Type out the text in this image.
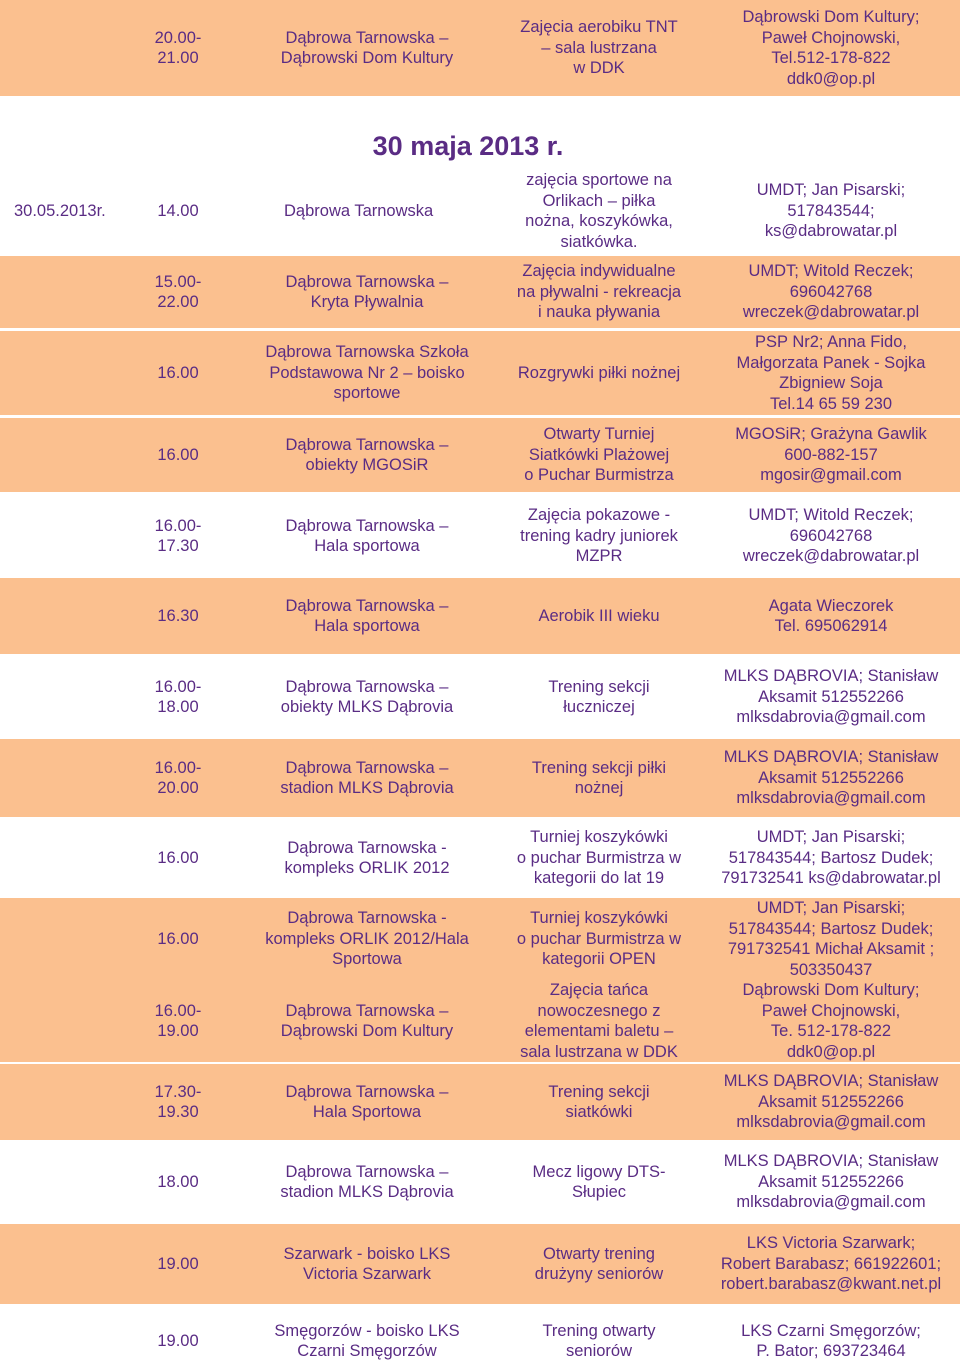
20.00-
21.00
Dąbrowa Tarnowska –
Dąbrowski Dom Kultury
Zajęcia aerobiku TNT
– sala lustrzana
w DDK
Dąbrowski Dom Kultury;
Paweł Chojnowski,
Tel.512-178-822
ddk0@op.pl
30 maja 2013 r.
30.05.2013r.	14.00	Dąbrowa Tarnowska
zajęcia sportowe na
Orlikach – piłka
nożna, koszykówka,
siatkówka.
UMDT; Jan Pisarski;
517843544;
ks@dabrowatar.pl
15.00-
22.00
Dąbrowa Tarnowska –
Kryta Pływalnia
Zajęcia indywidualne
na pływalni - rekreacja
i nauka pływania
UMDT; Witold Reczek;
696042768
wreczek@dabrowatar.pl
16.00
Dąbrowa Tarnowska Szkoła
Podstawowa Nr 2 – boisko
sportowe
Rozgrywki piłki nożnej
PSP Nr2; Anna Fido,
Małgorzata Panek - Sojka
Zbigniew Soja
Tel.14 65 59 230
16.00
Dąbrowa Tarnowska –
obiekty MGOSiR
Otwarty Turniej
Siatkówki Plażowej
o Puchar Burmistrza
MGOSiR; Grażyna Gawlik
600-882-157
mgosir@gmail.com
16.00-
17.30
Dąbrowa Tarnowska –
Hala sportowa
Zajęcia pokazowe -
trening kadry juniorek
MZPR
UMDT; Witold Reczek;
696042768
wreczek@dabrowatar.pl
16.30
Dąbrowa Tarnowska –
Hala sportowa
Aerobik III wieku
Agata Wieczorek
Tel. 695062914
16.00-
18.00
Dąbrowa Tarnowska –
obiekty MLKS Dąbrovia
Trening sekcji
łuczniczej
MLKS DĄBROVIA; Stanisław
Aksamit 512552266
mlksdabrovia@gmail.com
16.00-
20.00
Dąbrowa Tarnowska –
stadion MLKS Dąbrovia
Trening sekcji piłki
nożnej
MLKS DĄBROVIA; Stanisław
Aksamit 512552266
mlksdabrovia@gmail.com
16.00
Dąbrowa Tarnowska -
kompleks ORLIK 2012
Turniej koszykówki
o puchar Burmistrza w
kategorii do lat 19
UMDT; Jan Pisarski;
517843544; Bartosz Dudek;
791732541 ks@dabrowatar.pl
16.00
Dąbrowa Tarnowska -
kompleks ORLIK 2012/Hala
Sportowa
Turniej koszykówki
o puchar Burmistrza w
kategorii OPEN
UMDT; Jan Pisarski;
517843544; Bartosz Dudek;
791732541 Michał Aksamit ;
503350437
16.00-
19.00
Dąbrowa Tarnowska –
Dąbrowski Dom Kultury
Zajęcia tańca
nowoczesnego z
elementami baletu –
sala lustrzana w DDK
Dąbrowski Dom Kultury;
Paweł Chojnowski,
Te. 512-178-822
ddk0@op.pl
17.30-
19.30
Dąbrowa Tarnowska –
Hala Sportowa
Trening sekcji
siatkówki
MLKS DĄBROVIA; Stanisław
Aksamit 512552266
mlksdabrovia@gmail.com
18.00
Dąbrowa Tarnowska –
stadion MLKS Dąbrovia
Mecz ligowy DTS-
Słupiec
MLKS DĄBROVIA; Stanisław
Aksamit 512552266
mlksdabrovia@gmail.com
19.00
Szarwark - boisko LKS
Victoria Szarwark
Otwarty trening
drużyny seniorów
LKS Victoria Szarwark;
Robert Barabasz; 661922601;
robert.barabasz@kwant.net.pl
19.00
Smęgorzów - boisko LKS
Czarni Smęgorzów
Trening otwarty
seniorów
LKS Czarni Smęgorzów;
P. Bator; 693723464
